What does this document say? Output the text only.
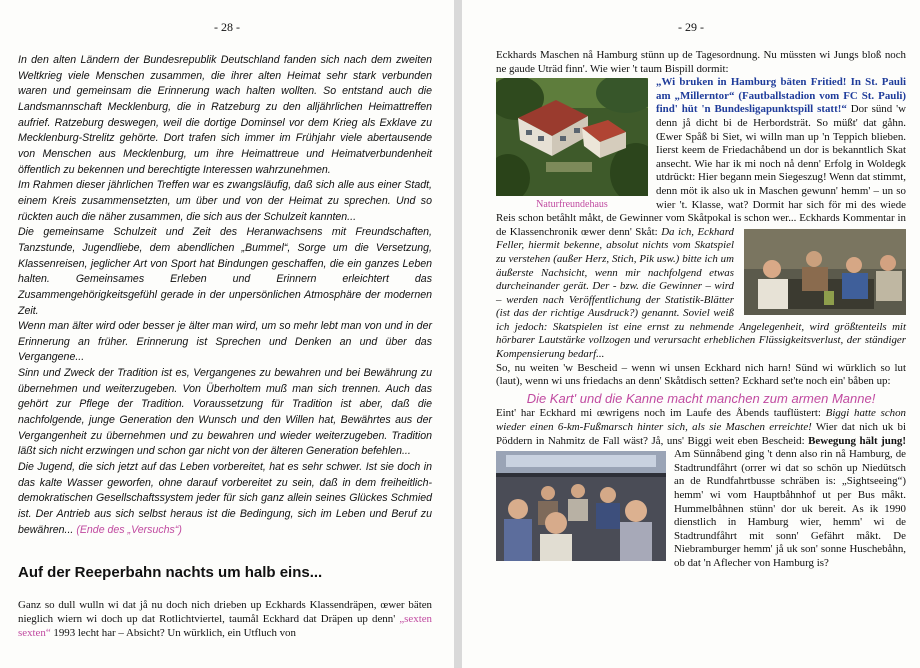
- 28 -

In den alten Ländern der Bundesrepublik Deutschland fanden sich nach dem zweiten Weltkrieg viele Menschen zusammen, die ihrer alten Heimat sehr stark verbunden waren und gemeinsam die Erinnerung wach halten wollten. So entstand auch die Landsmannschaft Mecklenburg, die in Ratzeburg zu den alljährlichen Heimattreffen aufrief. Ratzeburg deswegen, weil die dortige Dominsel vor dem Krieg als Exklave zu Mecklenburg-Strelitz gehörte. Dort trafen sich immer im Frühjahr viele abertausende von Menschen aus Mecklenburg, um ihre Heimattreue und Heimatverbundenheit öffentlich zu bekennen und berechtigte Interessen wahrzunehmen.

Im Rahmen dieser jährlichen Treffen war es zwangsläufig, daß sich alle aus einer Stadt, einem Kreis zusammensetzten, um über und von der Heimat zu sprechen. Und so rückten auch die näher zusammen, die sich aus der Schulzeit kannten...

Die gemeinsame Schulzeit und Zeit des Heranwachsens mit Freundschaften, Tanzstunde, Jugendliebe, dem abendlichen „Bummel“, Sorge um die Versetzung, Klassenreisen, jeglicher Art von Sport hat Bindungen geschaffen, die ein ganzes Leben halten. Gemeinsames Erleben und Erinnern erleichtert das Zusammengehörigkeitsgefühl gerade in der unpersönlichen Atmosphäre der modernen Zeit.

Wenn man älter wird oder besser je älter man wird, um so mehr lebt man von und in der Erinnerung an früher. Erinnerung ist Sprechen und Denken an und über das Vergangene...

Sinn und Zweck der Tradition ist es, Vergangenes zu bewahren und bei Bewährung zu übernehmen und weiterzugeben. Von Überholtem muß man sich trennen. Auch das gehört zur Pflege der Tradition. Voraussetzung für Tradition ist aber, daß die nachfolgende, junge Generation den Wunsch und den Willen hat, Bewährtes aus der Vergangenheit zu übernehmen und zu bewahren und wieder weiterzugeben. Tradition läßt sich nicht erzwingen und schon gar nicht von der älteren Generation befehlen...

Die Jugend, die sich jetzt auf das Leben vorbereitet, hat es sehr schwer. Ist sie doch in das kalte Wasser geworfen, ohne darauf vorbereitet zu sein, daß in dem freiheitlich-demokratischen Gesellschaftssystem jeder für sich ganz allein seines Glückes Schmied ist. Der Antrieb aus sich selbst heraus ist die Bedingung, sich im Leben und Beruf zu bewähren... (Ende des „Versuchs“)

Auf der Reeperbahn nachts um halb eins...
Ganz so dull wulln wi dat jå nu doch nich drieben up Eckhards Klassendräpen, œwer bäten nieglich wiern wi doch up dat Rotlichtviertel, taumål Eckhard dat Dräpen up denn' „sexten sexten“ 1993 lecht har – Absicht? Un würklich, ein Utfluch von
- 29 -
Eckhards Maschen nå Hamburg stünn up de Tagesordnung. Nu müssten wi Jungs bloß noch ne gaude Uträd finn'. Wie wier 't taum Bispill dormit:
Naturfreundehaus
„Wi bruken in Hamburg bäten Fritied! In St. Pauli am „Millerntor“ (Fautballstadion vom FC St. Pauli) find' hüt 'n Bundesligapunktspill statt!“ Dor sünd 'w denn jå dicht bi de Herbordsträt. So müßt' dat gåhn. Œwer Spåß bi Siet, wi willn man up 'n Teppich blieben. Iierst keem de Friedachåbend un dor is bekanntlich Skat ansecht. Wie har ik mi noch nå denn' Erfolg in Woldegk utdrückt: Hier begann mein Siegeszug! Wenn dat stimmt, denn möt ik also uk in Maschen gewunn' hemm' – un so wier 't. Klasse, wat? Dormit har sich för mi des wiede Reis schon betåhlt måkt, de Gewinner vom Skåtpokal is schon wer... Eckhards Kommentar in de Klassenchronik œwer denn' Skåt: Da ich, Eckhard Feller, hiermit bekenne, absolut nichts vom Skatspiel zu verstehen (außer Herz, Stich, Pik usw.) bitte ich um äußerste Nachsicht, wenn mir nachfolgend etwas durcheinander gerät. Der - bzw. die Gewinner – wird – werden nach Veröffentlichung der Statistik-Blätter (ist das der richtige Ausdruck?) genannt. Soviel weiß ich jedoch: Skatspielen ist eine ernst zu nehmende Angelegenheit, wird größtenteils mit hörbarer Lautstärke vollzogen und verursacht erheblichen Flüssigkeitsverlust, der ständiger Kompensierung bedarf...
So, nu weiten 'w Bescheid – wenn wi unsen Eckhard nich harn! Sünd wi würklich so lut (laut), wenn wi uns friedachs an denn' Skåtdisch setten? Eckhard set'te noch ein' båben up:
Die Kart' und die Kanne macht manchen zum armen Manne!
Eint' har Eckhard mi œwrigens noch im Laufe des Åbends tauflüstert: Biggi hatte schon wieder einen 6-km-Fußmarsch hinter sich, als sie Maschen erreichte! Wier dat nich uk bi Pöddern in Nahmitz de Fall wäst? Jå, uns' Biggi weit eben Bescheid:
Bewegung hält jung! Am Sünnåbend ging 't denn also rin nå Hamburg, de Stadtrundfåhrt (orrer wi dat so schön up Niedütsch an de Rundfahrtbusse schräben is: „Sightseeing“) hemm' wi vom Hauptbåhnhof ut per Bus måkt. Hummelbåhnen stünn' dor uk bereit. As ik 1990 dienstlich in Hamburg wier, hemm' wi de Stadtrundfåhrt mit sonn' Gefährt måkt. De Niebramburger hemm' jå uk son' sonne Huschebåhn, ob dat 'n Aflecher von Hamburg is?
